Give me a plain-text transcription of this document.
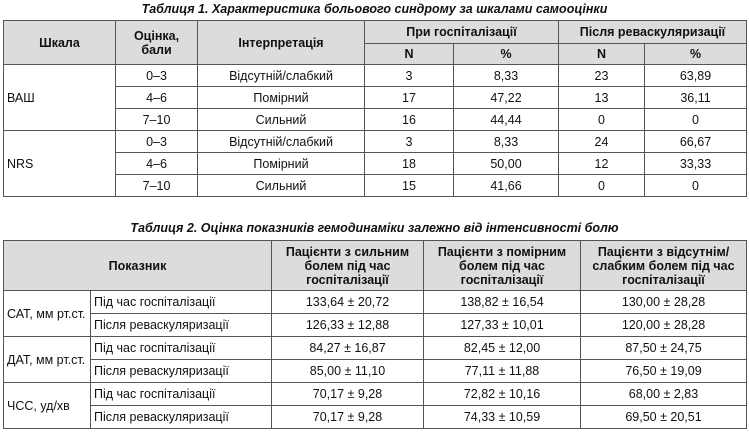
Таблиця 1. Характеристика больового синдрому за шкалами самооцінки
Шкала	Оцінка, бали	Інтерпретація	При госпіталізації		Після реваскуляризації	
			N	%	N	%
ВАШ	0–3	Відсутній/слабкий	3	8,33	23	63,89
	4–6	Помірний	17	47,22	13	36,11
	7–10	Сильний	16	44,44	0	0
NRS	0–3	Відсутній/слабкий	3	8,33	24	66,67
	4–6	Помірний	18	50,00	12	33,33
	7–10	Сильний	15	41,66	0	0
Таблиця 2. Оцінка показників гемодинаміки залежно від інтенсивності болю
Показник		Пацієнти з сильним болем під час госпіталізації	Пацієнти з помірним болем під час госпіталізації	Пацієнти з відсутнім/ слабким болем під час госпіталізації
САТ, мм рт.ст.	Під час госпіталізації	133,64 ± 20,72	138,82 ± 16,54	130,00 ± 28,28
	Після реваскуляризації	126,33 ± 12,88	127,33 ± 10,01	120,00 ± 28,28
ДАТ, мм рт.ст.	Під час госпіталізації	84,27 ± 16,87	82,45 ± 12,00	87,50 ± 24,75
	Після реваскуляризації	85,00 ± 11,10	77,11 ± 11,88	76,50 ± 19,09
ЧСС, уд/хв	Під час госпіталізації	70,17 ± 9,28	72,82 ± 10,16	68,00 ± 2,83
	Після реваскуляризації	70,17 ± 9,28	74,33 ± 10,59	69,50 ± 20,51
